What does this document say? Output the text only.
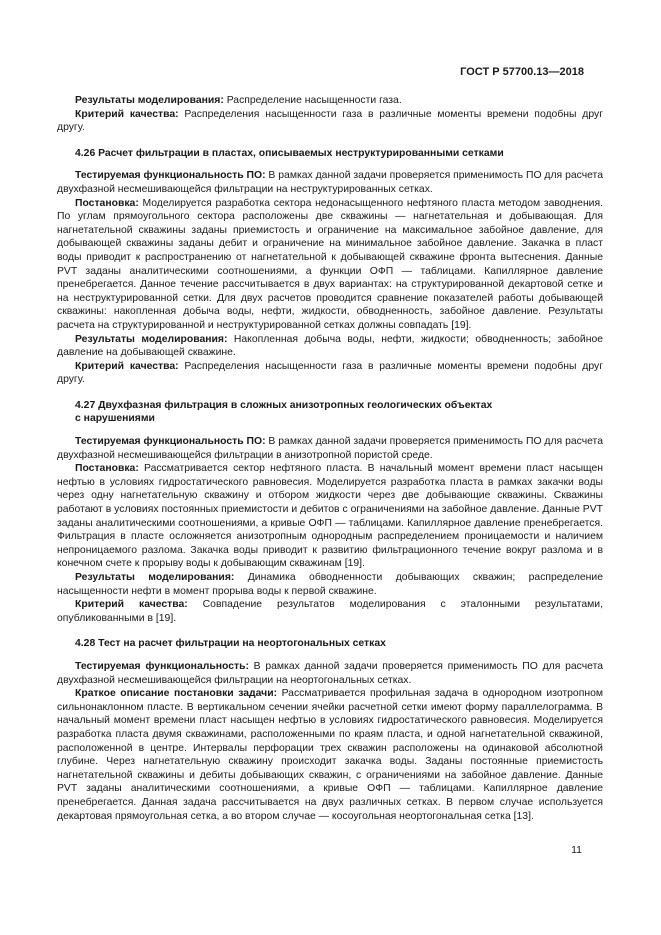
ГОСТ Р 57700.13—2018

Результаты моделирования: Распределение насыщенности газа.

Критерий качества: Распределения насыщенности газа в различные моменты времени подобны друг другу.

4.26 Расчет фильтрации в пластах, описываемых неструктурированными сетками

Тестируемая функциональность ПО: В рамках данной задачи проверяется применимость ПО для расчета двухфазной несмешивающейся фильтрации на неструктурированных сетках.

Постановка: Моделируется разработка сектора недонасыщенного нефтяного пласта методом заводнения. По углам прямоугольного сектора расположены две скважины — нагнетательная и добывающая. Для нагнетательной скважины заданы приемистость и ограничение на максимальное забойное давление, для добывающей скважины заданы дебит и ограничение на минимальное забойное давление. Закачка в пласт воды приводит к распространению от нагнетательной к добывающей скважине фронта вытеснения. Данные PVT заданы аналитическими соотношениями, а функции ОФП — таблицами. Капиллярное давление пренебрегается. Данное течение рассчитывается в двух вариантах: на структурированной декартовой сетке и на неструктурированной сетки. Для двух расчетов проводится сравнение показателей работы добывающей скважины: накопленная добыча воды, нефти, жидкости, обводненность, забойное давление. Результаты расчета на структурированной и неструктурированной сетках должны совпадать [19].

Результаты моделирования: Накопленная добыча воды, нефти, жидкости; обводненность; забойное давление на добывающей скважине.

Критерий качества: Распределения насыщенности газа в различные моменты времени подобны друг другу.

4.27 Двухфазная фильтрация в сложных анизотропных геологических объектах

с нарушениями

Тестируемая функциональность ПО: В рамках данной задачи проверяется применимость ПО для расчета двухфазной несмешивающейся фильтрации в анизотропной пористой среде.

Постановка: Рассматривается сектор нефтяного пласта. В начальный момент времени пласт насыщен нефтью в условиях гидростатического равновесия. Моделируется разработка пласта в рамках закачки воды через одну нагнетательную скважину и отбором жидкости через две добывающие скважины. Скважины работают в условиях постоянных приемистости и дебитов с ограничениями на забойное давление. Данные PVT заданы аналитическими соотношениями, а кривые ОФП — таблицами. Капиллярное давление пренебрегается. Фильтрация в пласте осложняется анизотропным однородным распределением проницаемости и наличием непроницаемого разлома. Закачка воды приводит к развитию фильтрационного течение вокруг разлома и в конечном счете к прорыву воды к добывающим скважинам [19].

Результаты моделирования: Динамика обводненности добывающих скважин; распределение насыщенности нефти в момент прорыва воды к первой скважине.

Критерий качества: Совпадение результатов моделирования с эталонными результатами, опубликованными в [19].

4.28 Тест на расчет фильтрации на неортогональных сетках

Тестируемая функциональность: В рамках данной задачи проверяется применимость ПО для расчета двухфазной несмешивающейся фильтрации на неортогональных сетках.

Краткое описание постановки задачи: Рассматривается профильная задача в однородном изотропном сильнонаклонном пласте. В вертикальном сечении ячейки расчетной сетки имеют форму параллелограмма. В начальный момент времени пласт насыщен нефтью в условиях гидростатического равновесия. Моделируется разработка пласта двумя скважинами, расположенными по краям пласта, и одной нагнетательной скважиной, расположенной в центре. Интервалы перфорации трех скважин расположены на одинаковой абсолютной глубине. Через нагнетательную скважину происходит закачка воды. Заданы постоянные приемистость нагнетательной скважины и дебиты добывающих скважин, с ограничениями на забойное давление. Данные PVT заданы аналитическими соотношениями, а кривые ОФП — таблицами. Капиллярное давление пренебрегается. Данная задача рассчитывается на двух различных сетках. В первом случае используется декартовая прямоугольная сетка, а во втором случае — косоугольная неортогональная сетка [13].

11
